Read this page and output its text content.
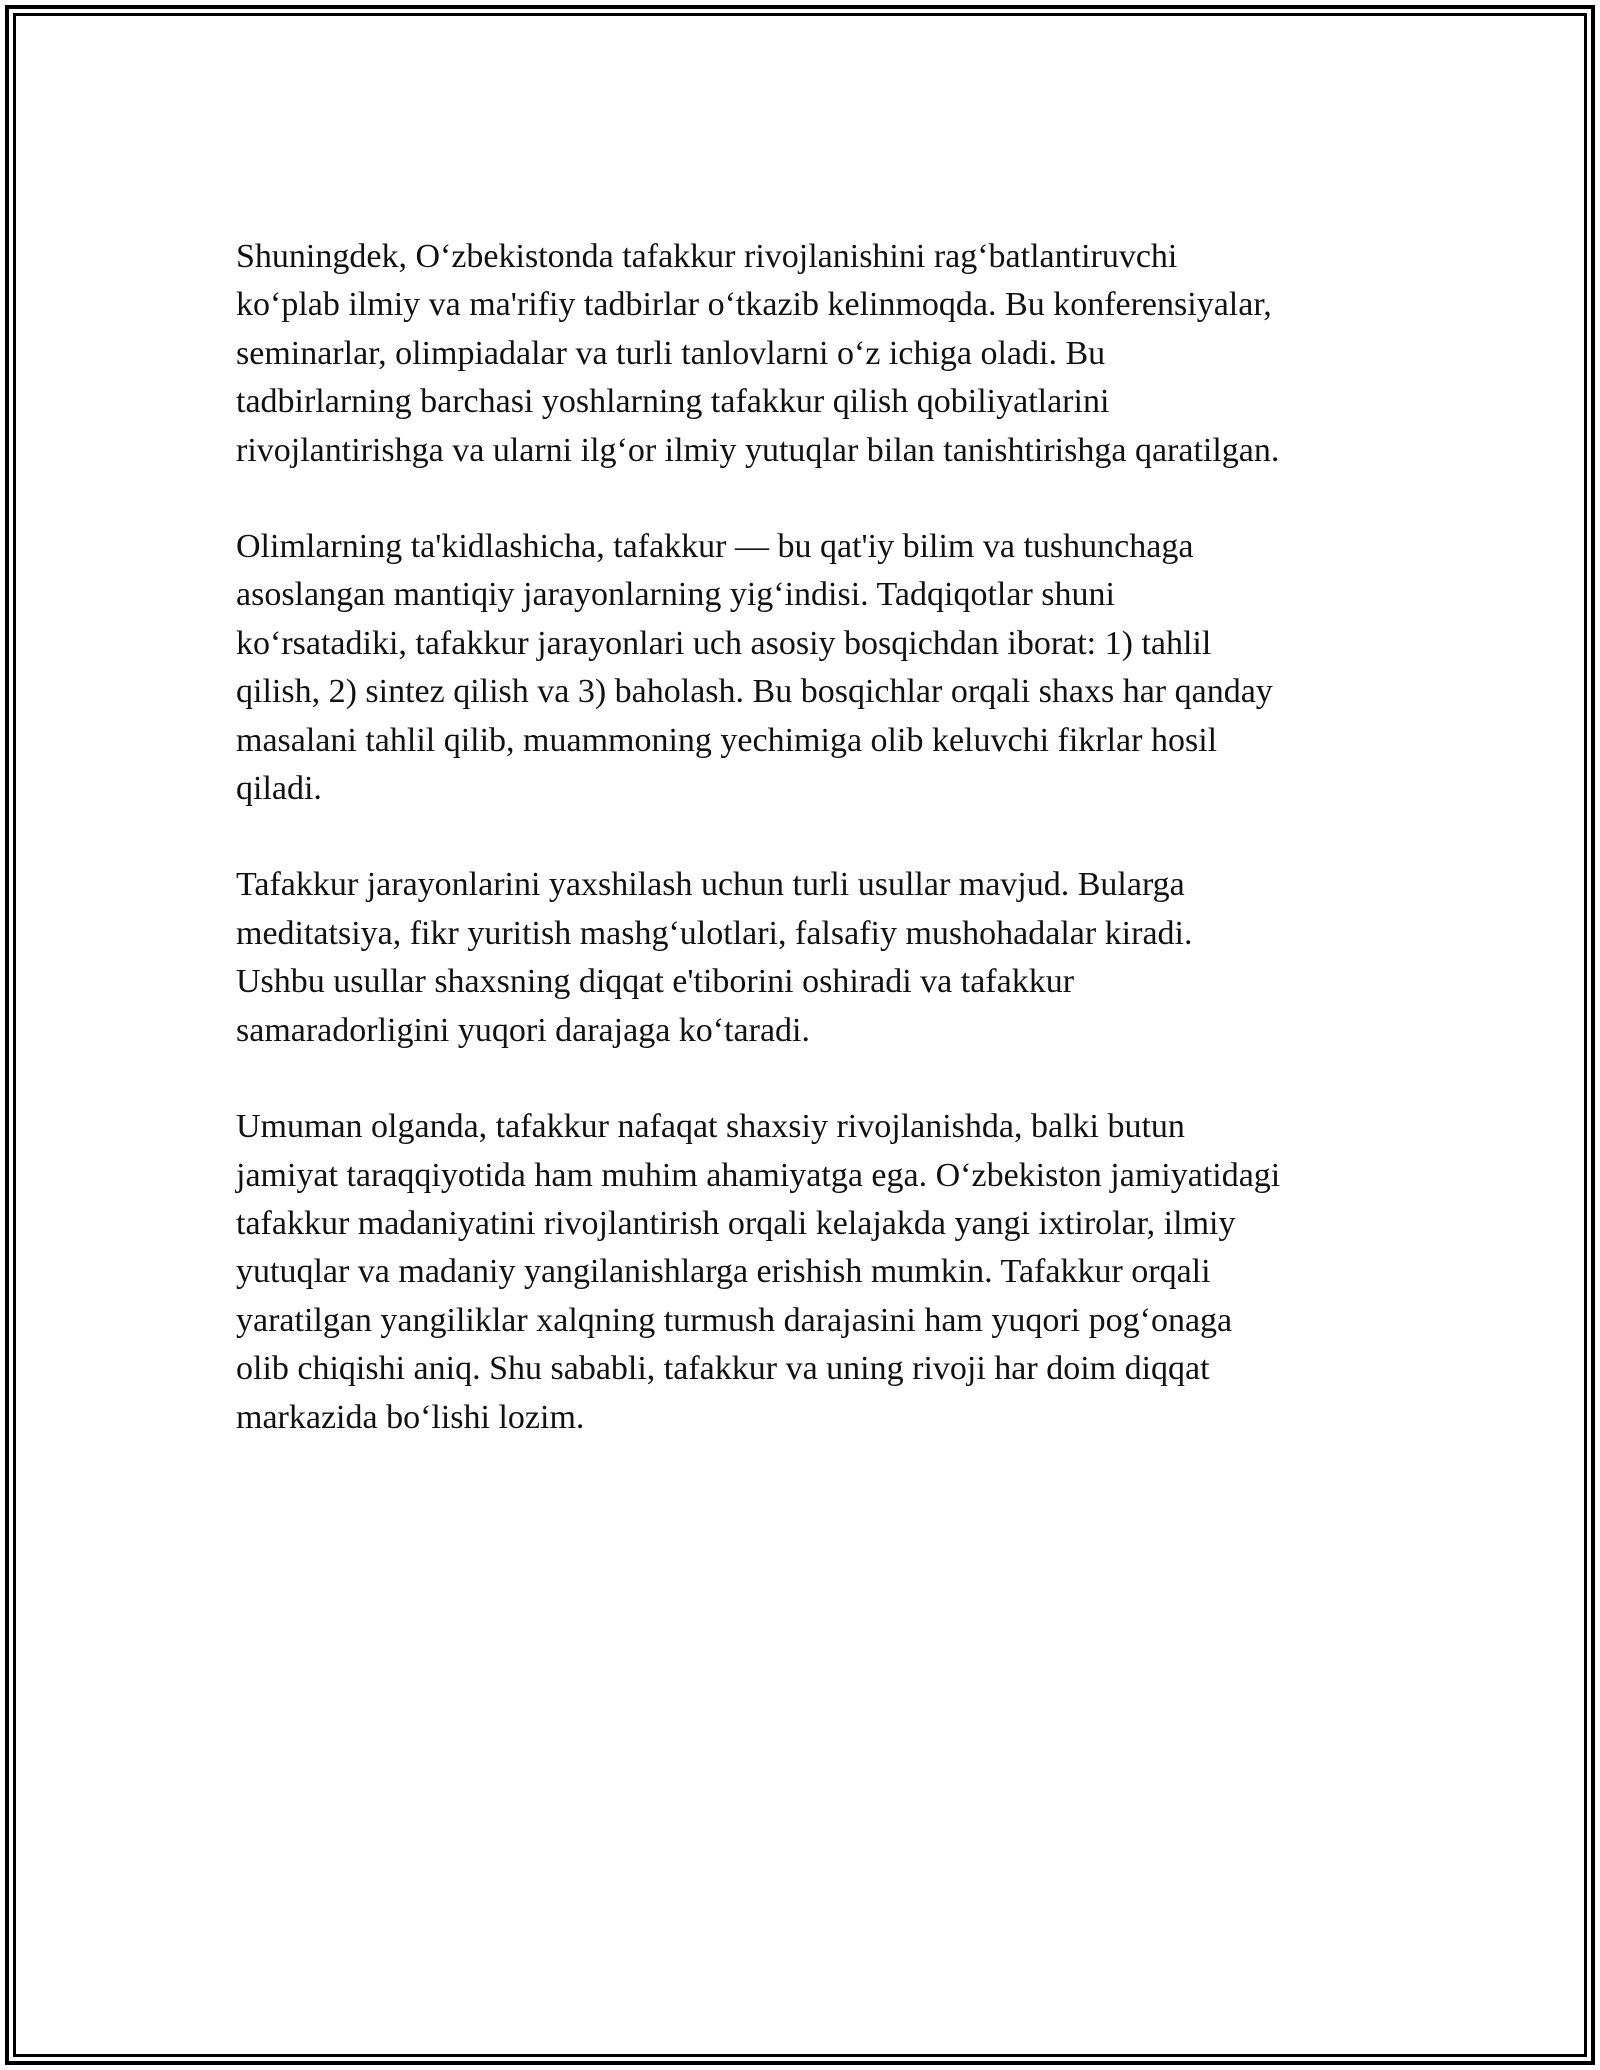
Shuningdek, O‘zbekistonda tafakkur rivojlanishini rag‘batlantiruvchi
ko‘plab ilmiy va ma'rifiy tadbirlar o‘tkazib kelinmoqda. Bu konferensiyalar,
seminarlar, olimpiadalar va turli tanlovlarni o‘z ichiga oladi. Bu
tadbirlarning barchasi yoshlarning tafakkur qilish qobiliyatlarini
rivojlantirishga va ularni ilg‘or ilmiy yutuqlar bilan tanishtirishga qaratilgan.

Olimlarning ta'kidlashicha, tafakkur — bu qat'iy bilim va tushunchaga
asoslangan mantiqiy jarayonlarning yig‘indisi. Tadqiqotlar shuni
ko‘rsatadiki, tafakkur jarayonlari uch asosiy bosqichdan iborat: 1) tahlil
qilish, 2) sintez qilish va 3) baholash. Bu bosqichlar orqali shaxs har qanday
masalani tahlil qilib, muammoning yechimiga olib keluvchi fikrlar hosil
qiladi.

Tafakkur jarayonlarini yaxshilash uchun turli usullar mavjud. Bularga
meditatsiya, fikr yuritish mashg‘ulotlari, falsafiy mushohadalar kiradi.
Ushbu usullar shaxsning diqqat e'tiborini oshiradi va tafakkur
samaradorligini yuqori darajaga ko‘taradi.

Umuman olganda, tafakkur nafaqat shaxsiy rivojlanishda, balki butun
jamiyat taraqqiyotida ham muhim ahamiyatga ega. O‘zbekiston jamiyatidagi
tafakkur madaniyatini rivojlantirish orqali kelajakda yangi ixtirolar, ilmiy
yutuqlar va madaniy yangilanishlarga erishish mumkin. Tafakkur orqali
yaratilgan yangiliklar xalqning turmush darajasini ham yuqori pog‘onaga
olib chiqishi aniq. Shu sababli, tafakkur va uning rivoji har doim diqqat
markazida bo‘lishi lozim.
